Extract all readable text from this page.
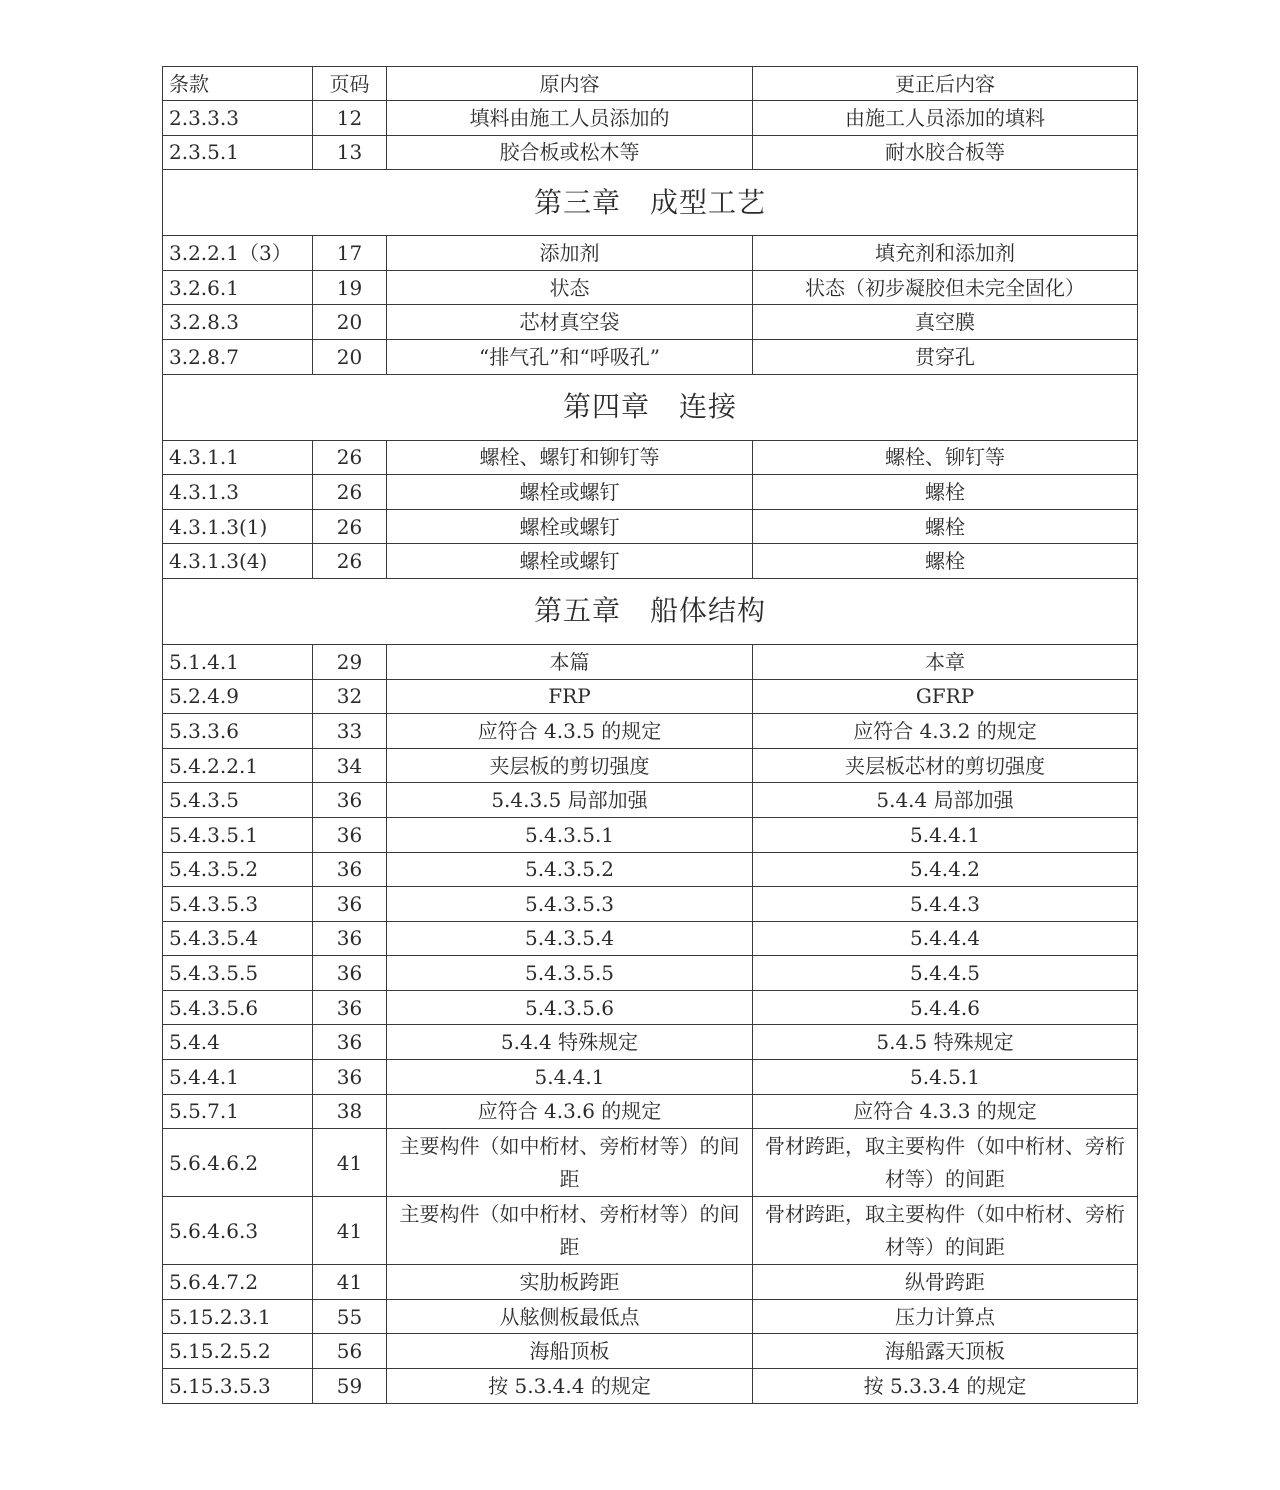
条款	页码	原内容	更正后内容
2.3.3.3	12	填料由施工人员添加的	由施工人员添加的填料
2.3.5.1	13	胶合板或松木等	耐水胶合板等
第三章　成型工艺			
3.2.2.1（3）	17	添加剂	填充剂和添加剂
3.2.6.1	19	状态	状态（初步凝胶但未完全固化）
3.2.8.3	20	芯材真空袋	真空膜
3.2.8.7	20	“排气孔”和“呼吸孔”	贯穿孔
第四章　连接			
4.3.1.1	26	螺栓、螺钉和铆钉等	螺栓、铆钉等
4.3.1.3	26	螺栓或螺钉	螺栓
4.3.1.3(1)	26	螺栓或螺钉	螺栓
4.3.1.3(4)	26	螺栓或螺钉	螺栓
第五章　船体结构			
5.1.4.1	29	本篇	本章
5.2.4.9	32	FRP	GFRP
5.3.3.6	33	应符合 4.3.5 的规定	应符合 4.3.2 的规定
5.4.2.2.1	34	夹层板的剪切强度	夹层板芯材的剪切强度
5.4.3.5	36	5.4.3.5 局部加强	5.4.4 局部加强
5.4.3.5.1	36	5.4.3.5.1	5.4.4.1
5.4.3.5.2	36	5.4.3.5.2	5.4.4.2
5.4.3.5.3	36	5.4.3.5.3	5.4.4.3
5.4.3.5.4	36	5.4.3.5.4	5.4.4.4
5.4.3.5.5	36	5.4.3.5.5	5.4.4.5
5.4.3.5.6	36	5.4.3.5.6	5.4.4.6
5.4.4	36	5.4.4 特殊规定	5.4.5 特殊规定
5.4.4.1	36	5.4.4.1	5.4.5.1
5.5.7.1	38	应符合 4.3.6 的规定	应符合 4.3.3 的规定
5.6.4.6.2	41	主要构件（如中桁材、旁桁材等）的间距	骨材跨距，取主要构件（如中桁材、旁桁材等）的间距
5.6.4.6.3	41	主要构件（如中桁材、旁桁材等）的间距	骨材跨距，取主要构件（如中桁材、旁桁材等）的间距
5.6.4.7.2	41	实肋板跨距	纵骨跨距
5.15.2.3.1	55	从舷侧板最低点	压力计算点
5.15.2.5.2	56	海船顶板	海船露天顶板
5.15.3.5.3	59	按 5.3.4.4 的规定	按 5.3.3.4 的规定
